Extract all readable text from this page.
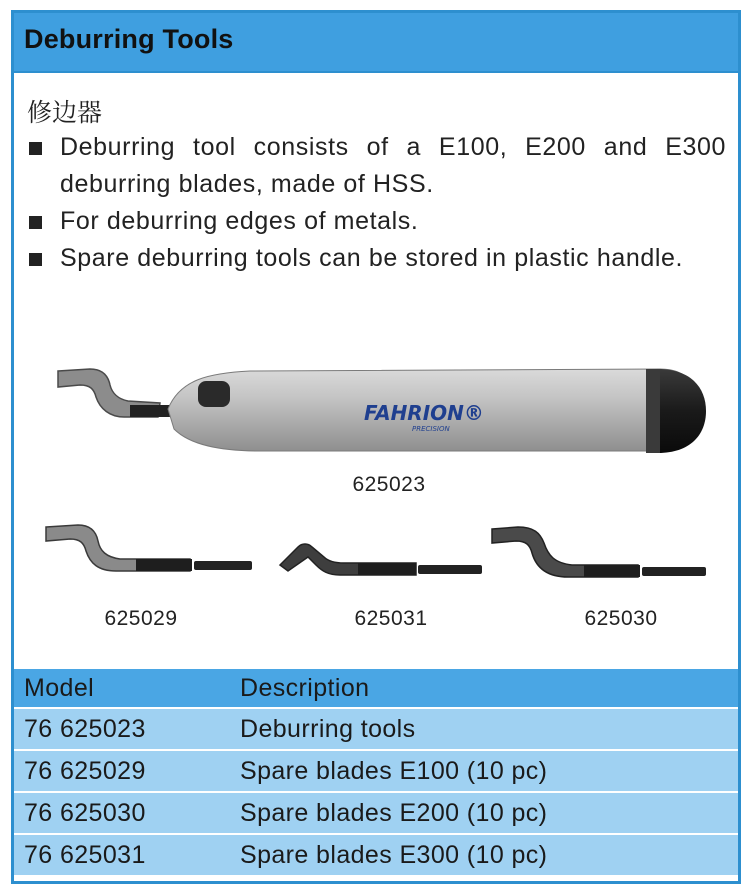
Deburring Tools
修边器
Deburring tool consists of a E100, E200 and E300 deburring blades, made of HSS.
For deburring edges of metals.
Spare deburring tools can be stored in plastic handle.
FAHRION®
PRECISION
625023
625029	625031	625030
Model	Description
76 625023	Deburring tools
76 625029	Spare blades E100 (10 pc)
76 625030	Spare blades E200 (10 pc)
76 625031	Spare blades E300 (10 pc)
